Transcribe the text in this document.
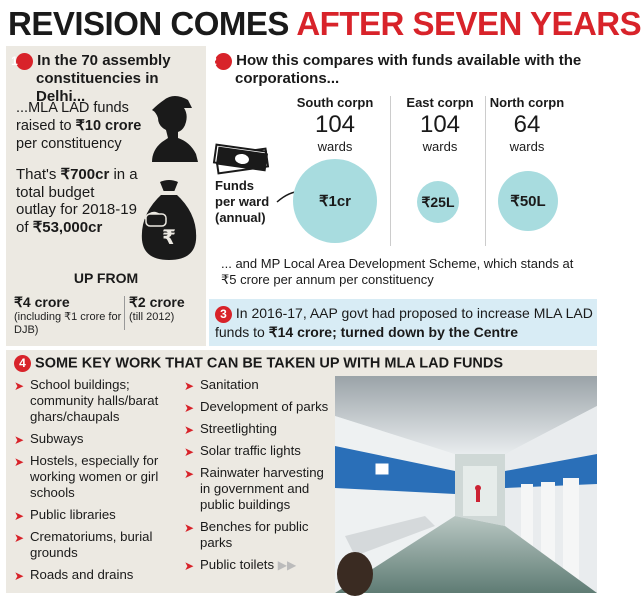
REVISION COMES AFTER SEVEN YEARS
1 In the 70 assembly constituencies in Delhi...
...MLA LAD funds raised to ₹10 crore per constituency
That's ₹700cr in a total budget outlay for 2018-19 of ₹53,000cr	₹
UP FROM
₹4 crore
(including ₹1 crore for DJB)
₹2 crore
(till 2012)
2 How this compares with funds available with the corporations...
Funds per ward (annual)
South corpn
104
wards
East corpn
104
wards
North corpn
64
wards
₹1cr	₹25L	₹50L
... and MP Local Area Development Scheme, which stands at ₹5 crore per annum per constituency
3 In 2016-17, AAP govt had proposed to increase MLA LAD funds to ₹14 crore; turned down by the Centre
4 SOME KEY WORK THAT CAN BE TAKEN UP WITH MLA LAD FUNDS
➤ School buildings; community halls/barat ghars/chaupals
➤ Subways
➤ Hostels, especially for working women or girl schools
➤ Public libraries
➤ Crematoriums, burial grounds
➤ Roads and drains
➤ Sanitation
➤ Development of parks
➤ Streetlighting
➤ Solar traffic lights
➤ Rainwater harvesting in government and public buildings
➤ Benches for public parks
➤ Public toilets ▶▶
